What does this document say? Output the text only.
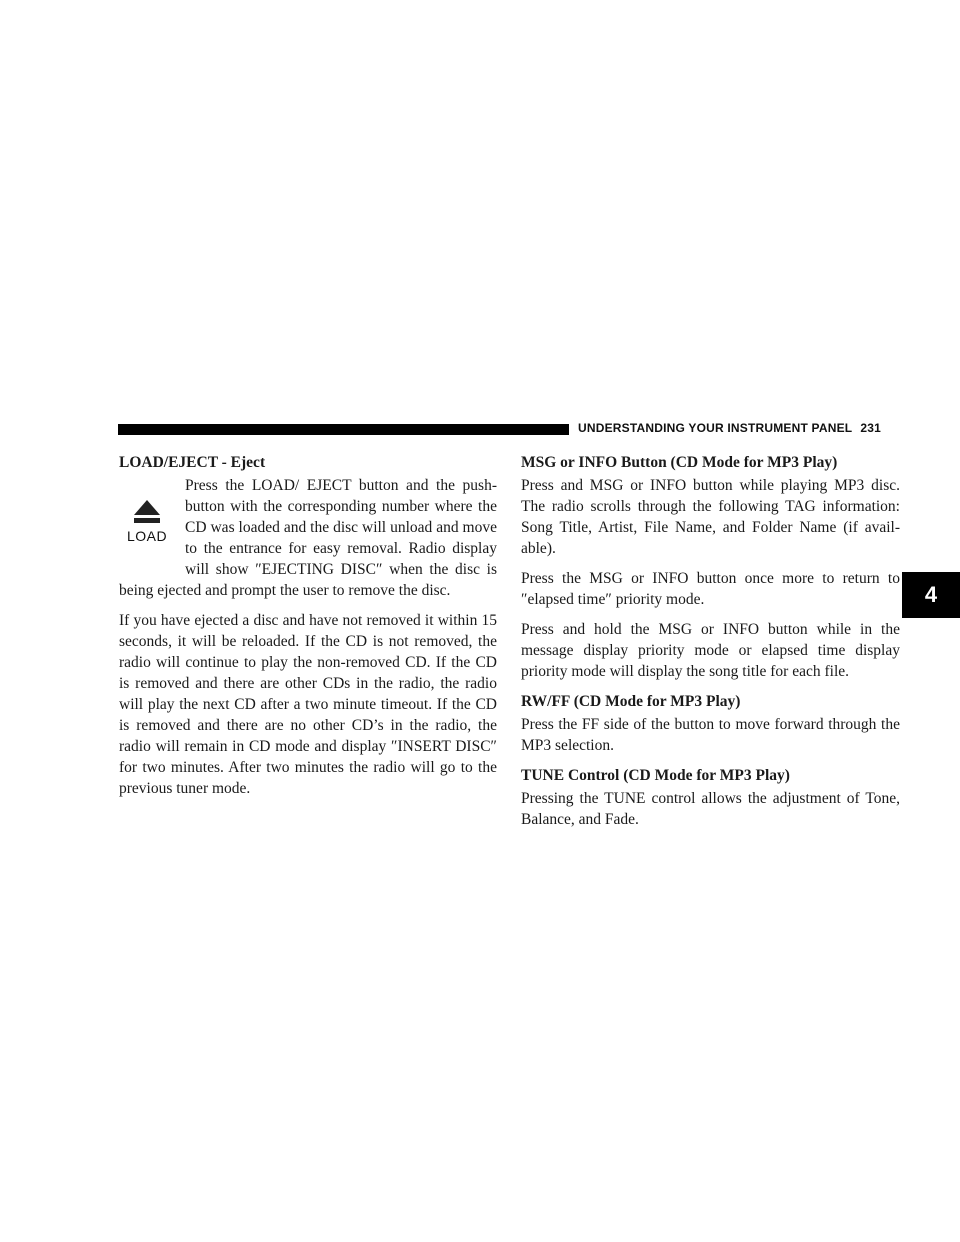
UNDERSTANDING YOUR INSTRUMENT PANEL 231
4
LOAD/EJECT - Eject
LOAD

Press the LOAD/ EJECT button and the push-button with the corresponding number where the CD was loaded and the disc will unload and move to the entrance for easy removal. Radio display will show ″EJECTING DISC″ when the disc is being ejected and prompt the user to remove the disc.

If you have ejected a disc and have not removed it within 15 seconds, it will be reloaded. If the CD is not removed, the radio will continue to play the non-removed CD. If the CD is removed and there are other CDs in the radio, the radio will play the next CD after a two minute timeout. If the CD is removed and there are no other CD’s in the radio, the radio will remain in CD mode and display ″INSERT DISC″ for two minutes. After two minutes the radio will go to the previous tuner mode.

MSG or INFO Button (CD Mode for MP3 Play)

Press and MSG or INFO button while playing MP3 disc. The radio scrolls through the following TAG information: Song Title, Artist, File Name, and Folder Name (if avail-able).

Press the MSG or INFO button once more to return to ″elapsed time″ priority mode.

Press and hold the MSG or INFO button while in the message display priority mode or elapsed time display priority mode will display the song title for each file.

RW/FF (CD Mode for MP3 Play)

Press the FF side of the button to move forward through the MP3 selection.

TUNE Control (CD Mode for MP3 Play)

Pressing the TUNE control allows the adjustment of Tone, Balance, and Fade.
